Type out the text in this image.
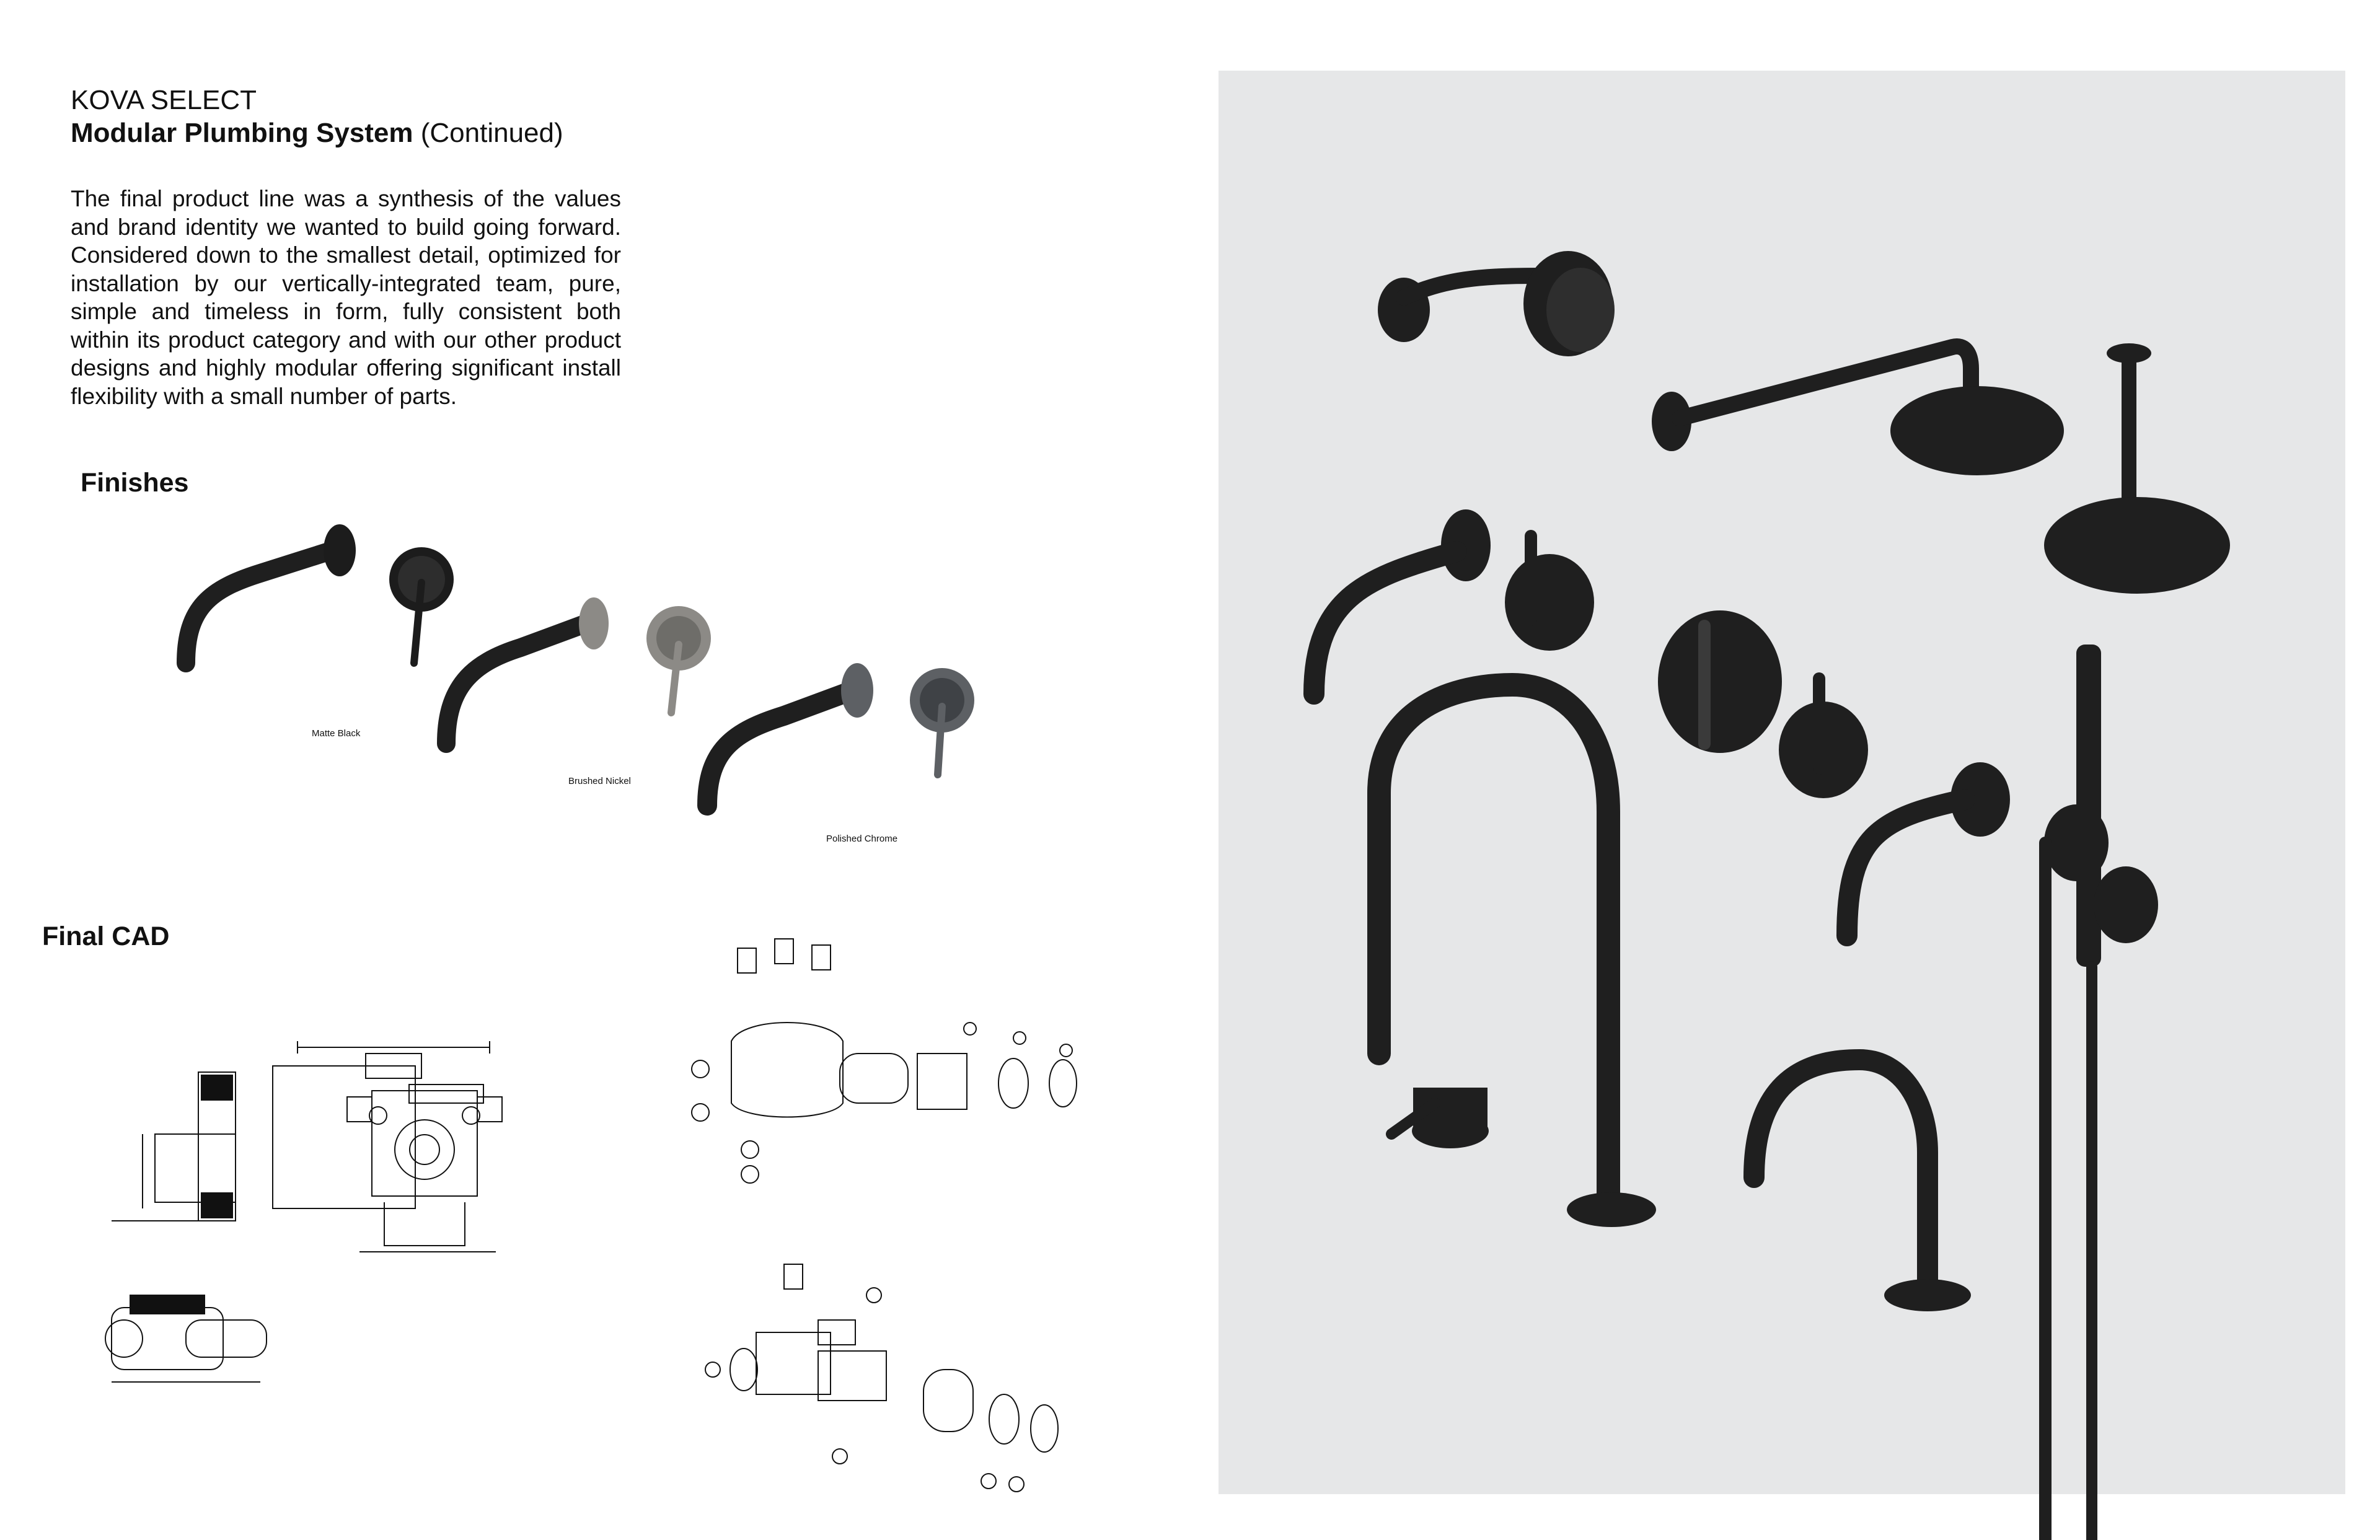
KOVA SELECT
Modular Plumbing System (Continued)
The final product line was a synthesis of the values and brand identity we wanted to build going forward. Considered down to the smallest detail, optimized for installation by our vertically-integrated team, pure, simple and timeless in form, fully consistent both within its product category and with our other product designs and highly modular offering significant install flexibility with a small number of parts.
Finishes
Matte Black
Brushed Nickel
Polished Chrome
Final CAD
